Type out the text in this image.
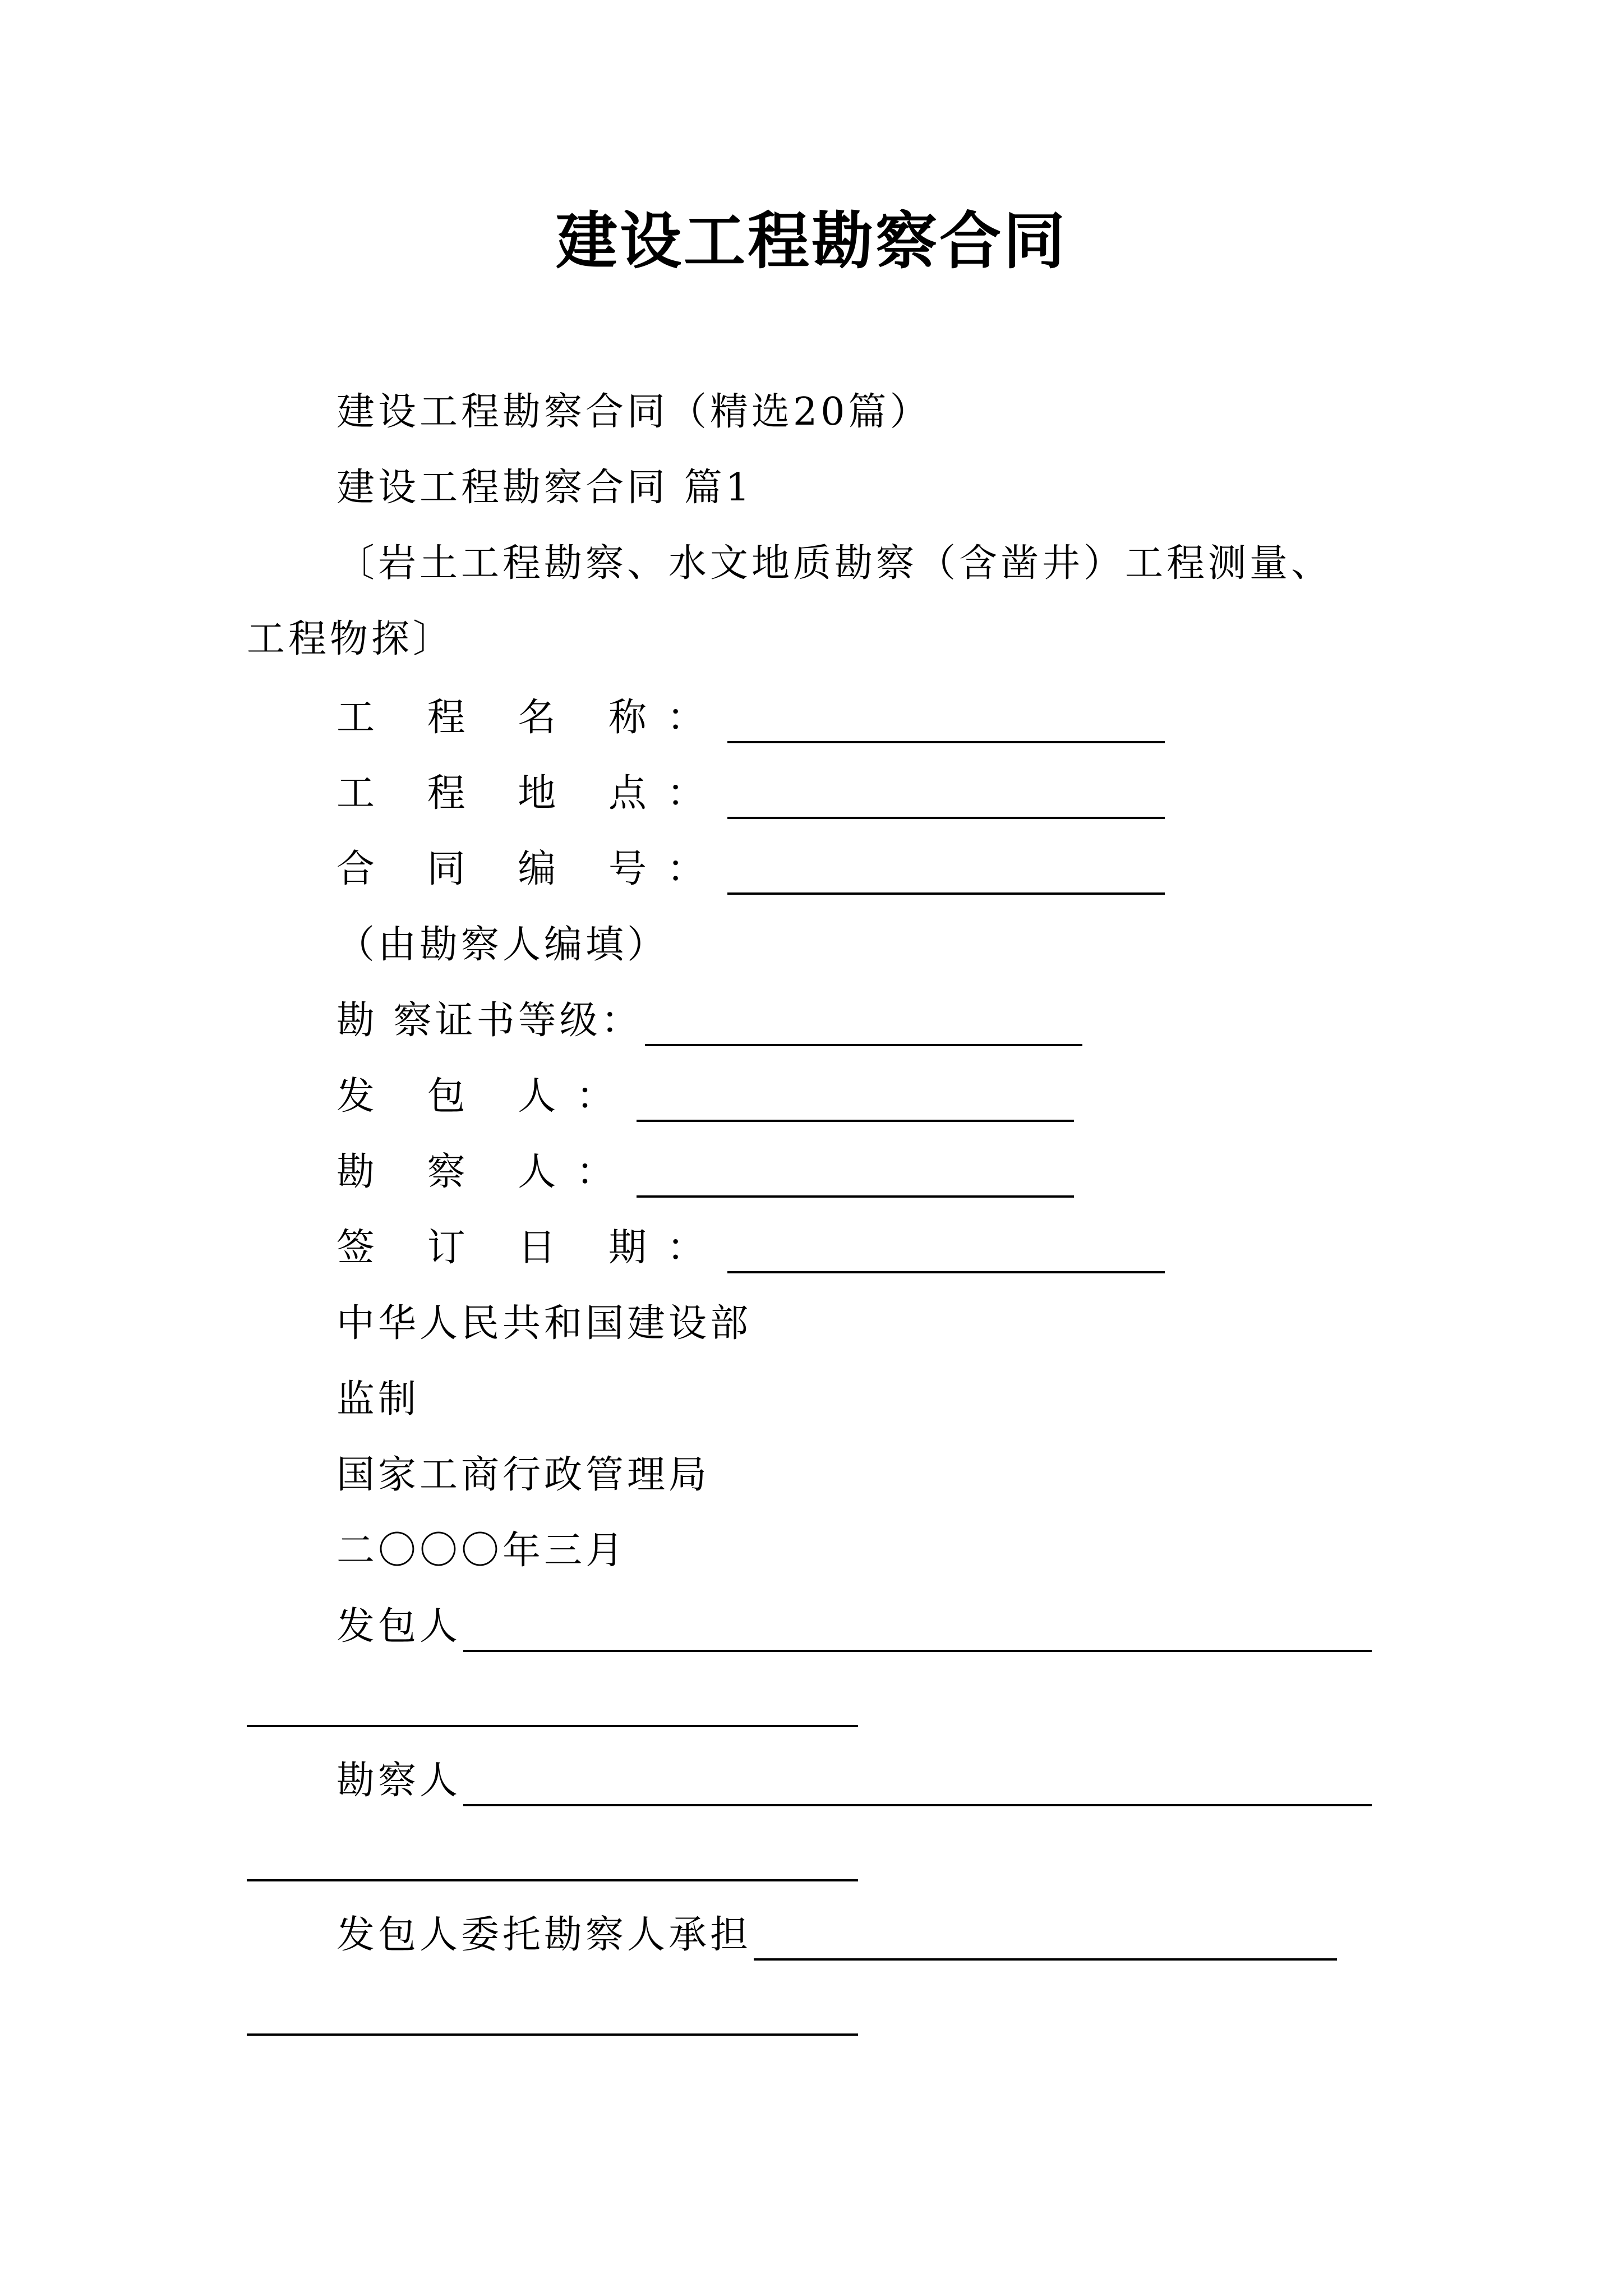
建设工程勘察合同
建设工程勘察合同（精选20篇）
建设工程勘察合同 篇1
〔岩土工程勘察、水文地质勘察（含凿井）工程测量、
工程物探〕
工 程 名 称：
工 程 地 点：
合 同 编 号：
（由勘察人编填）
勘 察证书等级：
发 包 人：
勘 察 人：
签 订 日 期：
中华人民共和国建设部
监制
国家工商行政管理局
二〇〇〇年三月
发包人
勘察人
发包人委托勘察人承担
